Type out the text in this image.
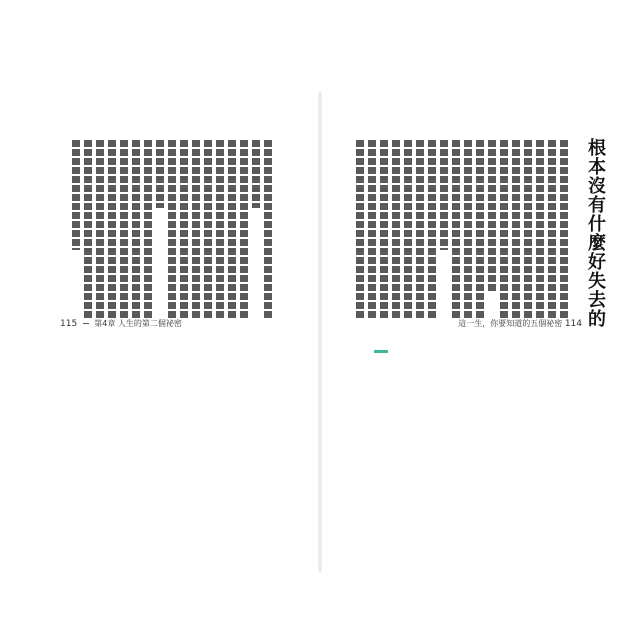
根本沒有什麼好失去的
這一生，你要知道的五個祕密 114
115 第4章 人生的第二個祕密
